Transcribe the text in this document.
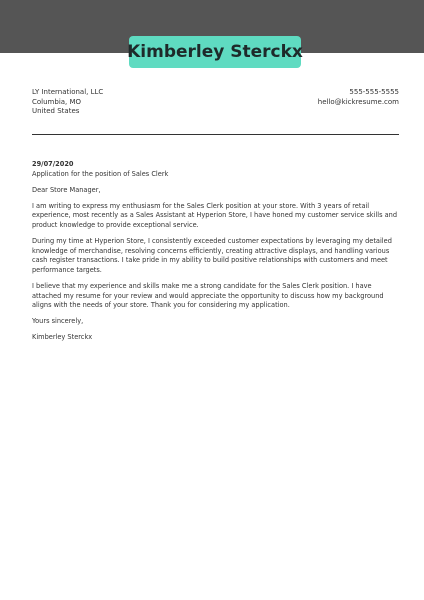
Kimberley Sterckx
LY International, LLC
Columbia, MO
United States
555-555-5555
hello@kickresume.com

29/07/2020

Application for the position of Sales Clerk

Dear Store Manager,

I am writing to express my enthusiasm for the Sales Clerk position at your store. With 3 years of retail experience, most recently as a Sales Assistant at Hyperion Store, I have honed my customer service skills and product knowledge to provide exceptional service.

During my time at Hyperion Store, I consistently exceeded customer expectations by leveraging my detailed knowledge of merchandise, resolving concerns efficiently, creating attractive displays, and handling various cash register transactions. I take pride in my ability to build positive relationships with customers and meet performance targets.

I believe that my experience and skills make me a strong candidate for the Sales Clerk position. I have attached my resume for your review and would appreciate the opportunity to discuss how my background aligns with the needs of your store. Thank you for considering my application.

Yours sincerely,

Kimberley Sterckx
